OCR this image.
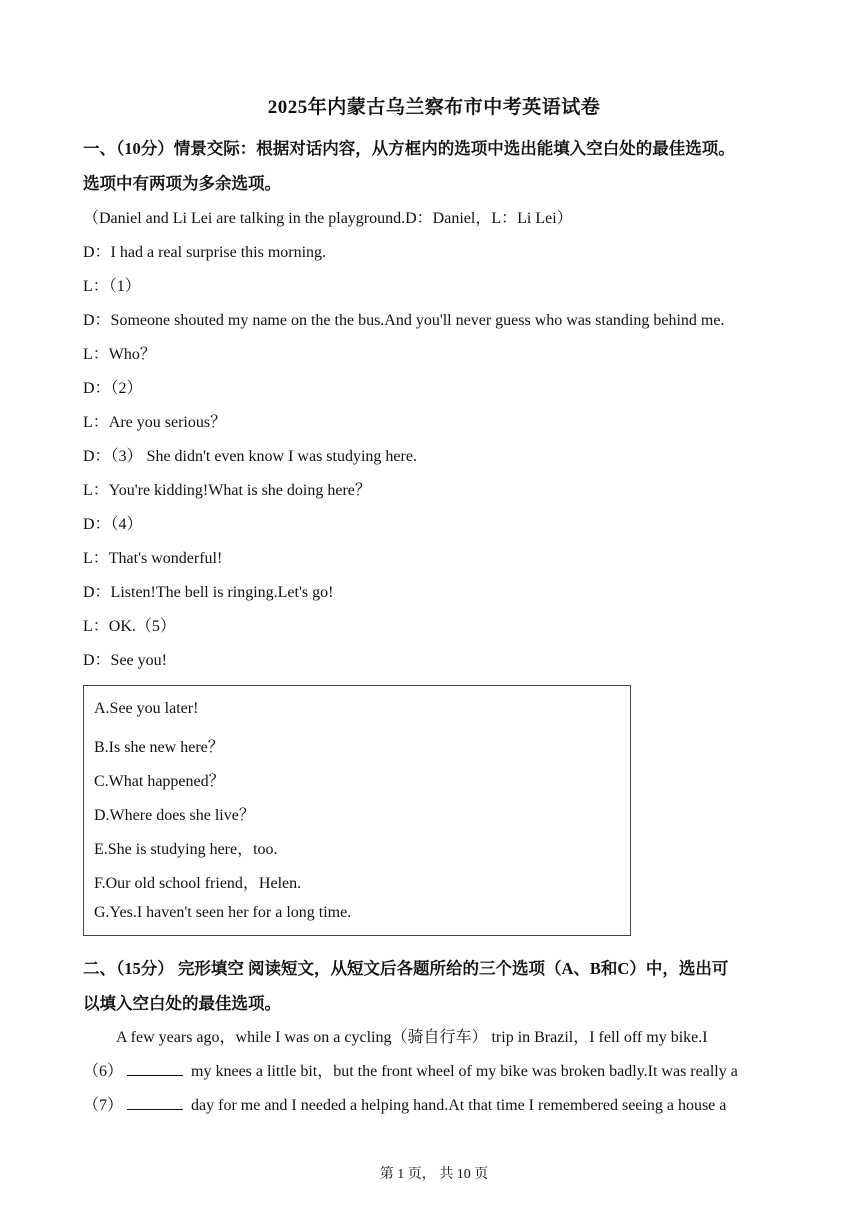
2025年内蒙古乌兰察布市中考英语试卷
一、（10分）情景交际：根据对话内容，从方框内的选项中选出能填入空白处的最佳选项。
选项中有两项为多余选项。
（Daniel and Li Lei are talking in the playground.D：Daniel，L：Li Lei）
D：I had a real surprise this morning.
L：（1）
D：Someone shouted my name on the the bus.And you'll never guess who was standing behind me.
L：Who？
D：（2）
L：Are you serious？
D：（3） She didn't even know I was studying here.
L：You're kidding!What is she doing here？
D：（4）
L：That's wonderful!
D：Listen!The bell is ringing.Let's go!
L：OK.（5）
D：See you!
A.See you later!
B.Is she new here？
C.What happened？
D.Where does she live？
E.She is studying here，too.
F.Our old school friend，Helen.
G.Yes.I haven't seen her for a long time.
二、（15分） 完形填空 阅读短文，从短文后各题所给的三个选项（A、B和C）中，选出可
以填入空白处的最佳选项。
A few years ago，while I was on a cycling（骑自行车） trip in Brazil，I fell off my bike.I
（6）	my knees a little bit，but the front wheel of my bike was broken badly.It was really a
（7）	day for me and I needed a helping hand.At that time I remembered seeing a house a
第 1 页， 共 10 页
